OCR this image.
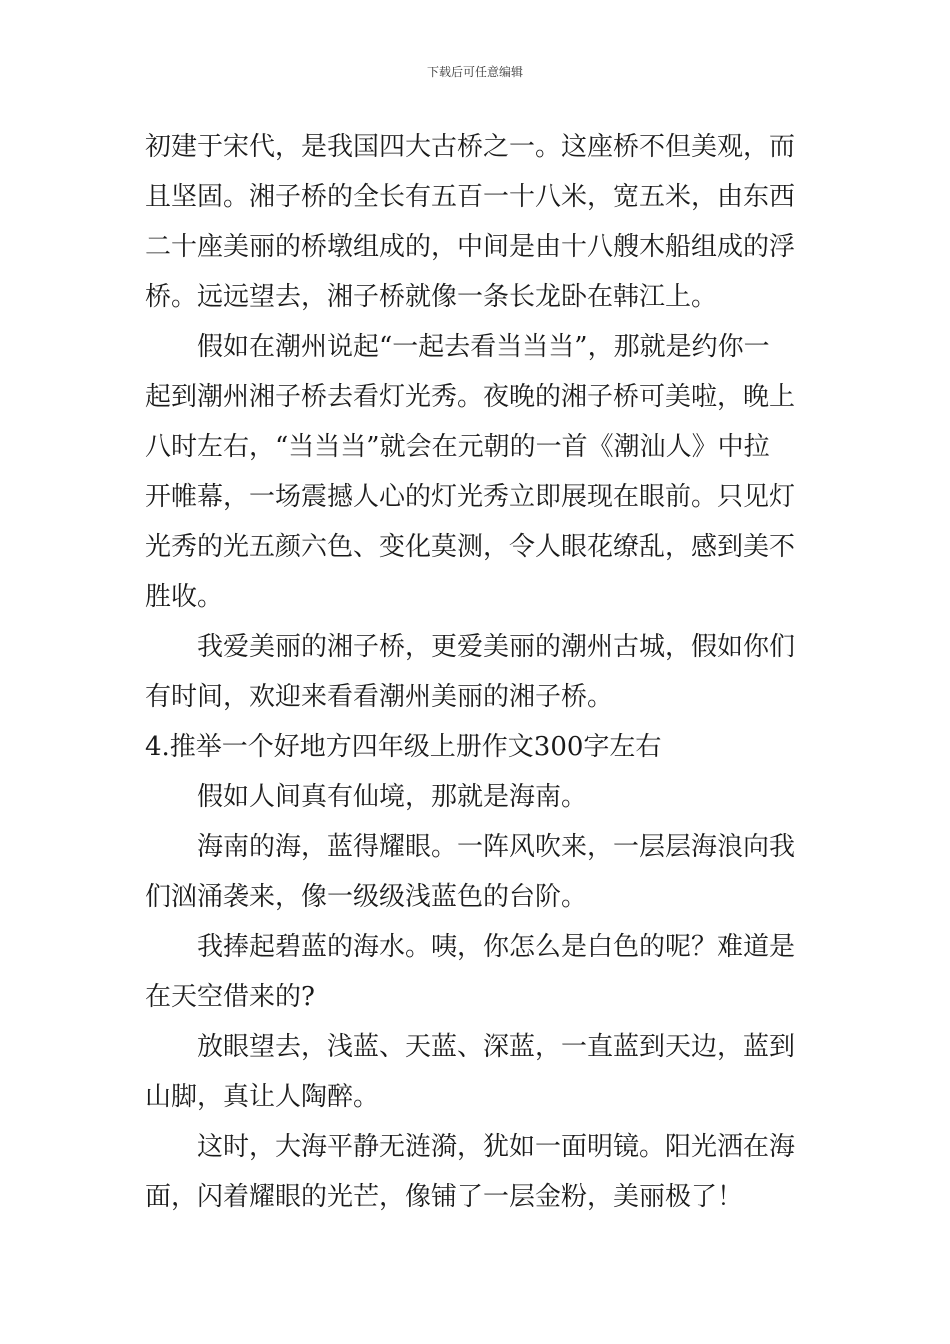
下载后可任意编辑
初建于宋代，是我国四大古桥之一。这座桥不但美观，而
且坚固。湘子桥的全长有五百一十八米，宽五米，由东西
二十座美丽的桥墩组成的，中间是由十八艘木船组成的浮
桥。远远望去，湘子桥就像一条长龙卧在韩江上。
假如在潮州说起“一起去看当当当”，那就是约你一
起到潮州湘子桥去看灯光秀。夜晚的湘子桥可美啦，晚上
八时左右，“当当当”就会在元朝的一首《潮汕人》中拉
开帷幕，一场震撼人心的灯光秀立即展现在眼前。只见灯
光秀的光五颜六色、变化莫测，令人眼花缭乱，感到美不
胜收。
我爱美丽的湘子桥，更爱美丽的潮州古城，假如你们
有时间，欢迎来看看潮州美丽的湘子桥。
4.推举一个好地方四年级上册作文300字左右
假如人间真有仙境，那就是海南。
海南的海，蓝得耀眼。一阵风吹来，一层层海浪向我
们汹涌袭来，像一级级浅蓝色的台阶。
我捧起碧蓝的海水。咦，你怎么是白色的呢？难道是
在天空借来的?
放眼望去，浅蓝、天蓝、深蓝，一直蓝到天边，蓝到
山脚，真让人陶醉。
这时，大海平静无涟漪，犹如一面明镜。阳光洒在海
面，闪着耀眼的光芒，像铺了一层金粉，美丽极了！
